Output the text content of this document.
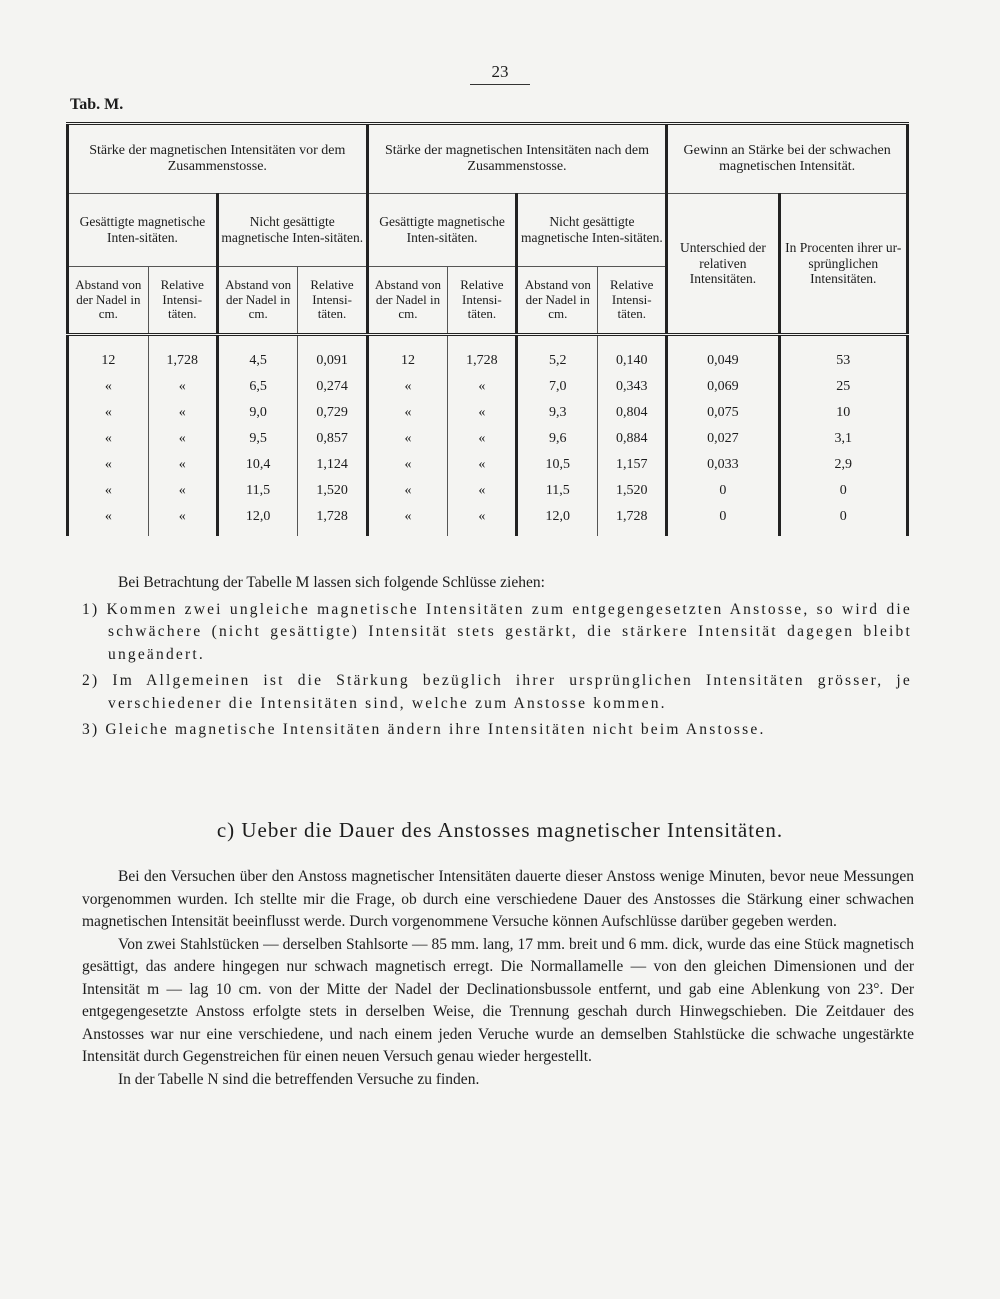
23
Tab. M.
Stärke der magnetischen Intensitäten vor dem Zusammenstosse.				Stärke der magnetischen Intensitäten nach dem Zusammenstosse.				Gewinn an Stärke bei der schwachen magnetischen Intensität.	
Gesättigte magnetische Inten-sitäten.		Nicht gesättigte magnetische Inten-sitäten.		Gesättigte magnetische Inten-sitäten.		Nicht gesättigte magnetische Inten-sitäten.		Unterschied der relativen Intensitäten.	In Procenten ihrer ur-sprünglichen Intensitäten.
Abstand von der Nadel in cm.	Relative Intensi-täten.	Abstand von der Nadel in cm.	Relative Intensi-täten.	Abstand von der Nadel in cm.	Relative Intensi-täten.	Abstand von der Nadel in cm.	Relative Intensi-täten.		
12	1,728	4,5	0,091	12	1,728	5,2	0,140	0,049	53
«	«	6,5	0,274	«	«	7,0	0,343	0,069	25
«	«	9,0	0,729	«	«	9,3	0,804	0,075	10
«	«	9,5	0,857	«	«	9,6	0,884	0,027	3,1
«	«	10,4	1,124	«	«	10,5	1,157	0,033	2,9
«	«	11,5	1,520	«	«	11,5	1,520	0	0
«	«	12,0	1,728	«	«	12,0	1,728	0	0
Bei Betrachtung der Tabelle M lassen sich folgende Schlüsse ziehen:
1) Kommen zwei ungleiche magnetische Intensitäten zum entgegengesetzten Anstosse, so wird die schwächere (nicht gesättigte) Intensität stets gestärkt, die stärkere Intensität dagegen bleibt ungeändert.
2) Im Allgemeinen ist die Stärkung bezüglich ihrer ursprünglichen Intensitäten grösser, je verschiedener die Intensitäten sind, welche zum Anstosse kommen.
3) Gleiche magnetische Intensitäten ändern ihre Intensitäten nicht beim Anstosse.
c) Ueber die Dauer des Anstosses magnetischer Intensitäten.
Bei den Versuchen über den Anstoss magnetischer Intensitäten dauerte dieser Anstoss wenige Minuten, bevor neue Messungen vorgenommen wurden. Ich stellte mir die Frage, ob durch eine verschiedene Dauer des Anstosses die Stärkung einer schwachen magnetischen Intensität beeinflusst werde. Durch vorgenommene Versuche können Aufschlüsse darüber gegeben werden.
Von zwei Stahlstücken — derselben Stahlsorte — 85 mm. lang, 17 mm. breit und 6 mm. dick, wurde das eine Stück magnetisch gesättigt, das andere hingegen nur schwach magnetisch erregt. Die Normallamelle — von den gleichen Dimensionen und der Intensität m — lag 10 cm. von der Mitte der Nadel der Declinationsbussole entfernt, und gab eine Ablenkung von 23°. Der entgegengesetzte Anstoss erfolgte stets in derselben Weise, die Trennung geschah durch Hinwegschieben. Die Zeitdauer des Anstosses war nur eine verschiedene, und nach einem jeden Veruche wurde an demselben Stahlstücke die schwache ungestärkte Intensität durch Gegenstreichen für einen neuen Versuch genau wieder hergestellt.
In der Tabelle N sind die betreffenden Versuche zu finden.
